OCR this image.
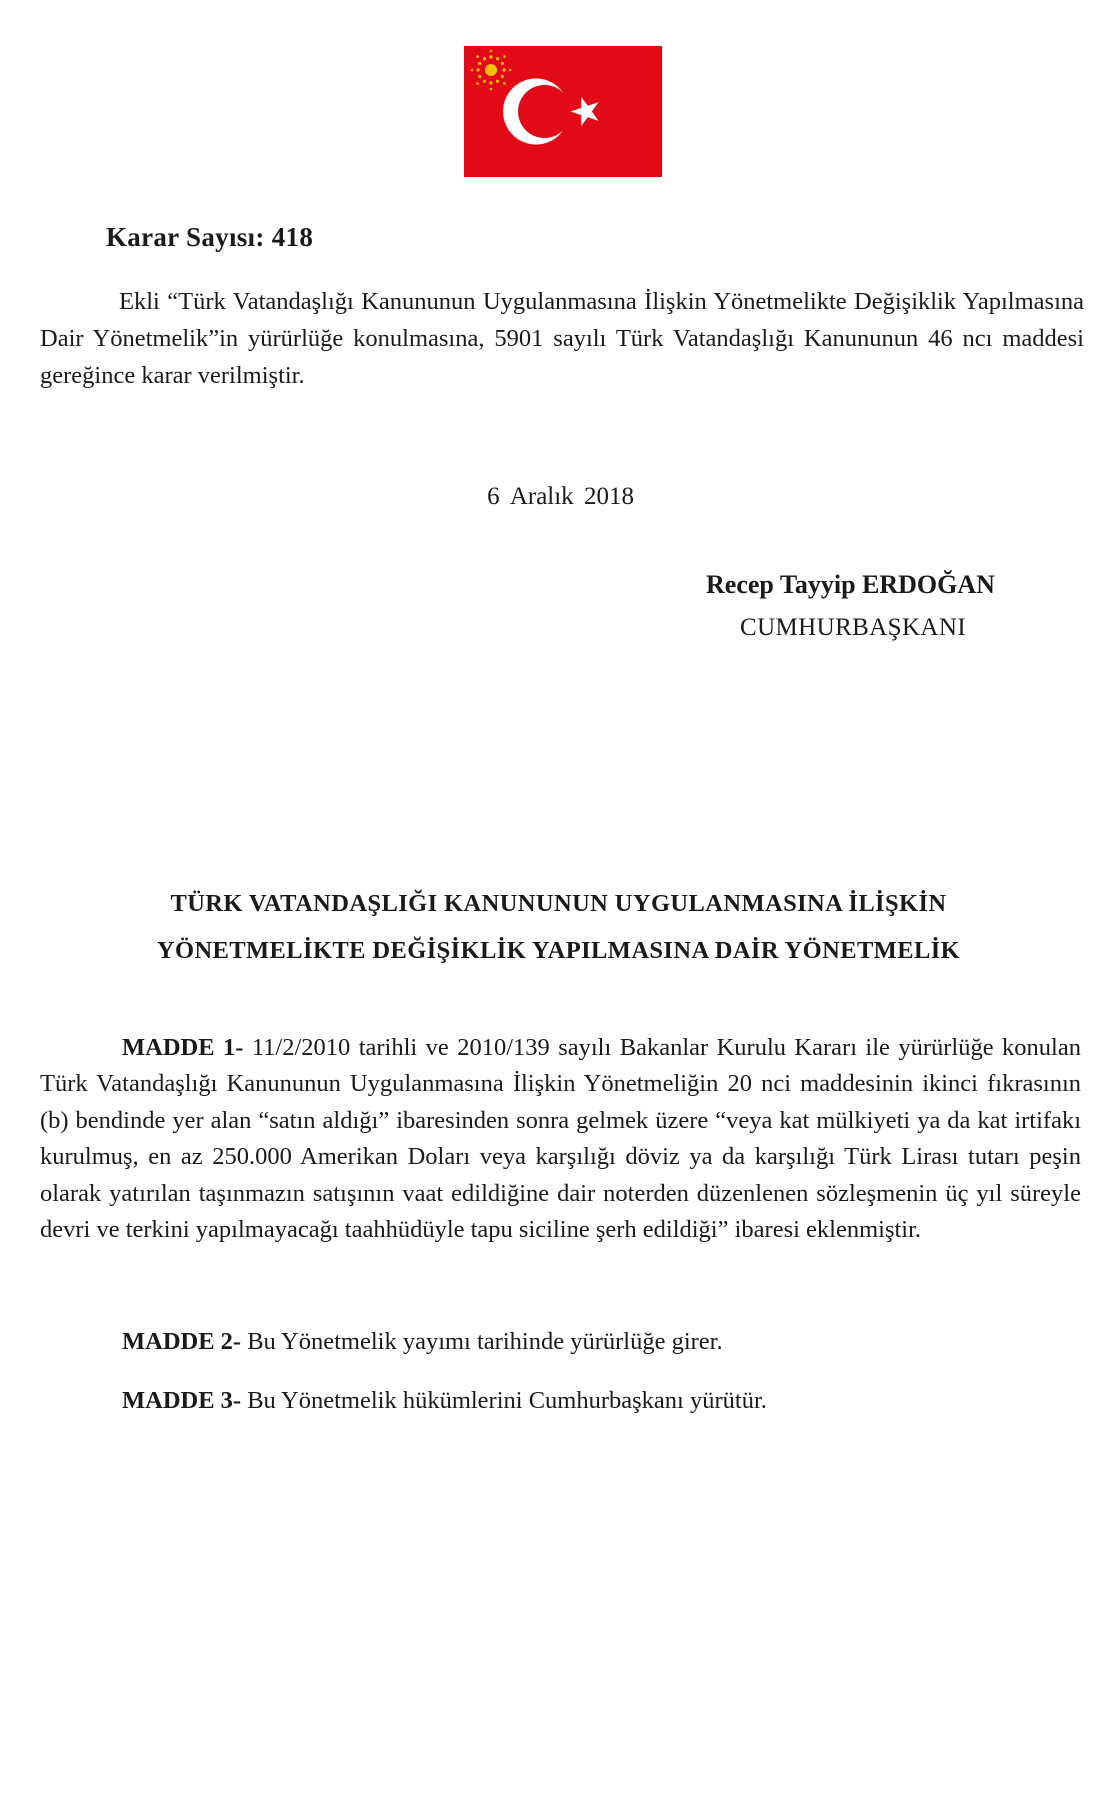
Karar Sayısı: 418

Ekli “Türk Vatandaşlığı Kanununun Uygulanmasına İlişkin Yönetmelikte Değişiklik Yapılmasına Dair Yönetmelik”in yürürlüğe konulmasına, 5901 sayılı Türk Vatandaşlığı Kanununun 46 ncı maddesi gereğince karar verilmiştir.

6 Aralık 2018
Recep Tayyip ERDOĞAN
CUMHURBAŞKANI
TÜRK VATANDAŞLIĞI KANUNUNUN UYGULANMASINA İLİŞKİN
YÖNETMELİKTE DEĞİŞİKLİK YAPILMASINA DAİR YÖNETMELİK

MADDE 1- 11/2/2010 tarihli ve 2010/139 sayılı Bakanlar Kurulu Kararı ile yürürlüğe konulan Türk Vatandaşlığı Kanununun Uygulanmasına İlişkin Yönetmeliğin 20 nci maddesinin ikinci fıkrasının (b) bendinde yer alan “satın aldığı” ibaresinden sonra gelmek üzere “veya kat mülkiyeti ya da kat irtifakı kurulmuş, en az 250.000 Amerikan Doları veya karşılığı döviz ya da karşılığı Türk Lirası tutarı peşin olarak yatırılan taşınmazın satışının vaat edildiğine dair noterden düzenlenen sözleşmenin üç yıl süreyle devri ve terkini yapılmayacağı taahhüdüyle tapu siciline şerh edildiği” ibaresi eklenmiştir.

MADDE 2- Bu Yönetmelik yayımı tarihinde yürürlüğe girer.

MADDE 3- Bu Yönetmelik hükümlerini Cumhurbaşkanı yürütür.
